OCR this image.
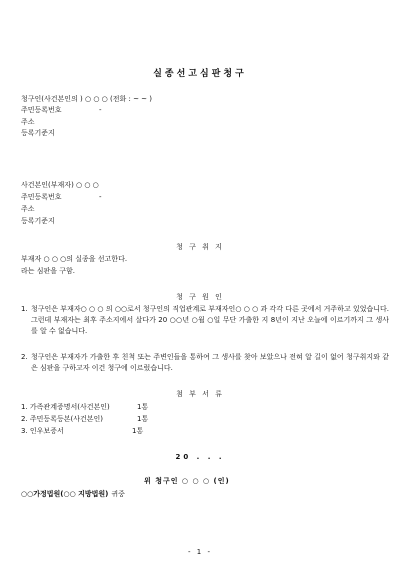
실종선고심판청구
청구인(사건본인의 ) ○ ○ ○ (전화 : ~ ~ )
주민등록번호	-
주소
등록기준지
사건본인(부재자) ○ ○ ○
주민등록번호	-
주소
등록기준지
청 구 취 지
부재자 ○ ○ ○의 실종을 선고한다.
라는 심판을 구함.
청 구 원 인
1. 청구인은 부재자○ ○ ○ 의 ○○로서 청구인의 직업관계로 부재자인○ ○ ○ 과 각각 다른 곳에서 거주하고 있었습니다. 그런데 부재자는 최후 주소지에서 살다가 20 ○○년 ○월 ○일 무단 가출한 지 8년이 지난 오늘에 이르기까지 그 생사를 알 수 없습니다.
2. 청구인은 부재자가 가출한 후 친척 또는 주변인들을 통하여 그 생사를 찾아 보았으나 전혀 알 길이 없어 청구취지와 같은 심판을 구하고자 이건 청구에 이르렀습니다.
첨 부 서 류
1. 가족관계증명서(사건본인)	1통
2. 주민등록등본(사건본인)	1통
3. 인우보증서	1통
20 . . .
위 청구인 ○ ○ ○ (인)
○○가정법원(○○ 지방법원) 귀중
- 1 -
